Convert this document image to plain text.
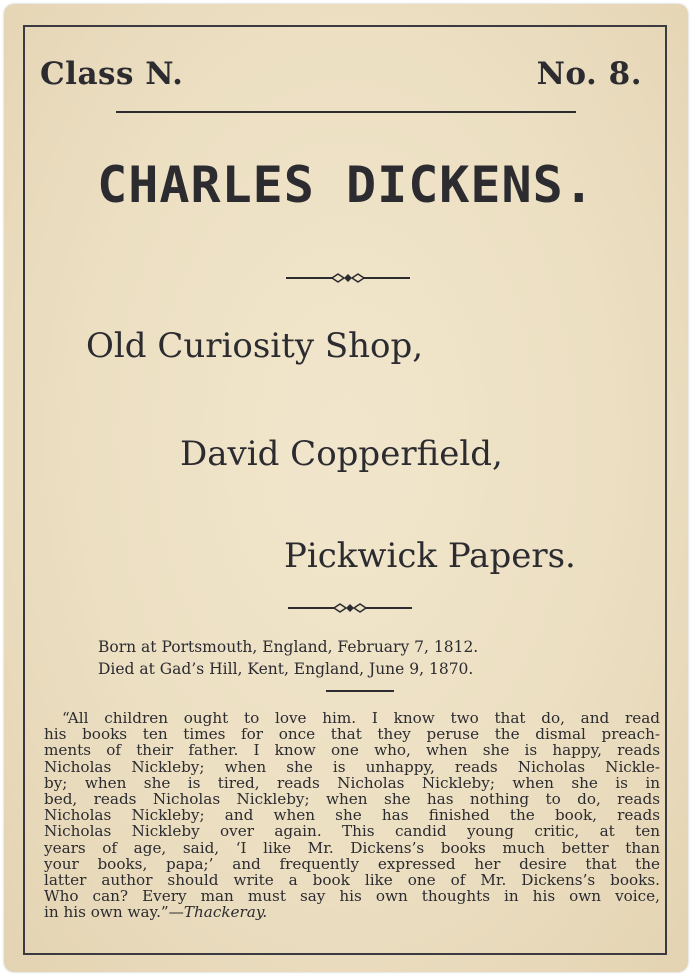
Class N.	No. 8.
CHARLES DICKENS.
Old Curiosity Shop,
David Copperfield,
Pickwick Papers.
Born at Portsmouth, England, February 7, 1812.
Died at Gad’s Hill, Kent, England, June 9, 1870.
“All children ought to love him. I know two that do, and read
his books ten times for once that they peruse the dismal preach-
ments of their father. I know one who, when she is happy, reads
Nicholas Nickleby; when she is unhappy, reads Nicholas Nickle-
by; when she is tired, reads Nicholas Nickleby; when she is in
bed, reads Nicholas Nickleby; when she has nothing to do, reads
Nicholas Nickleby; and when she has finished the book, reads
Nicholas Nickleby over again. This candid young critic, at ten
years of age, said, ‘I like Mr. Dickens’s books much better than
your books, papa;’ and frequently expressed her desire that the
latter author should write a book like one of Mr. Dickens’s books.
Who can? Every man must say his own thoughts in his own voice,
in his own way.”—Thackeray.
